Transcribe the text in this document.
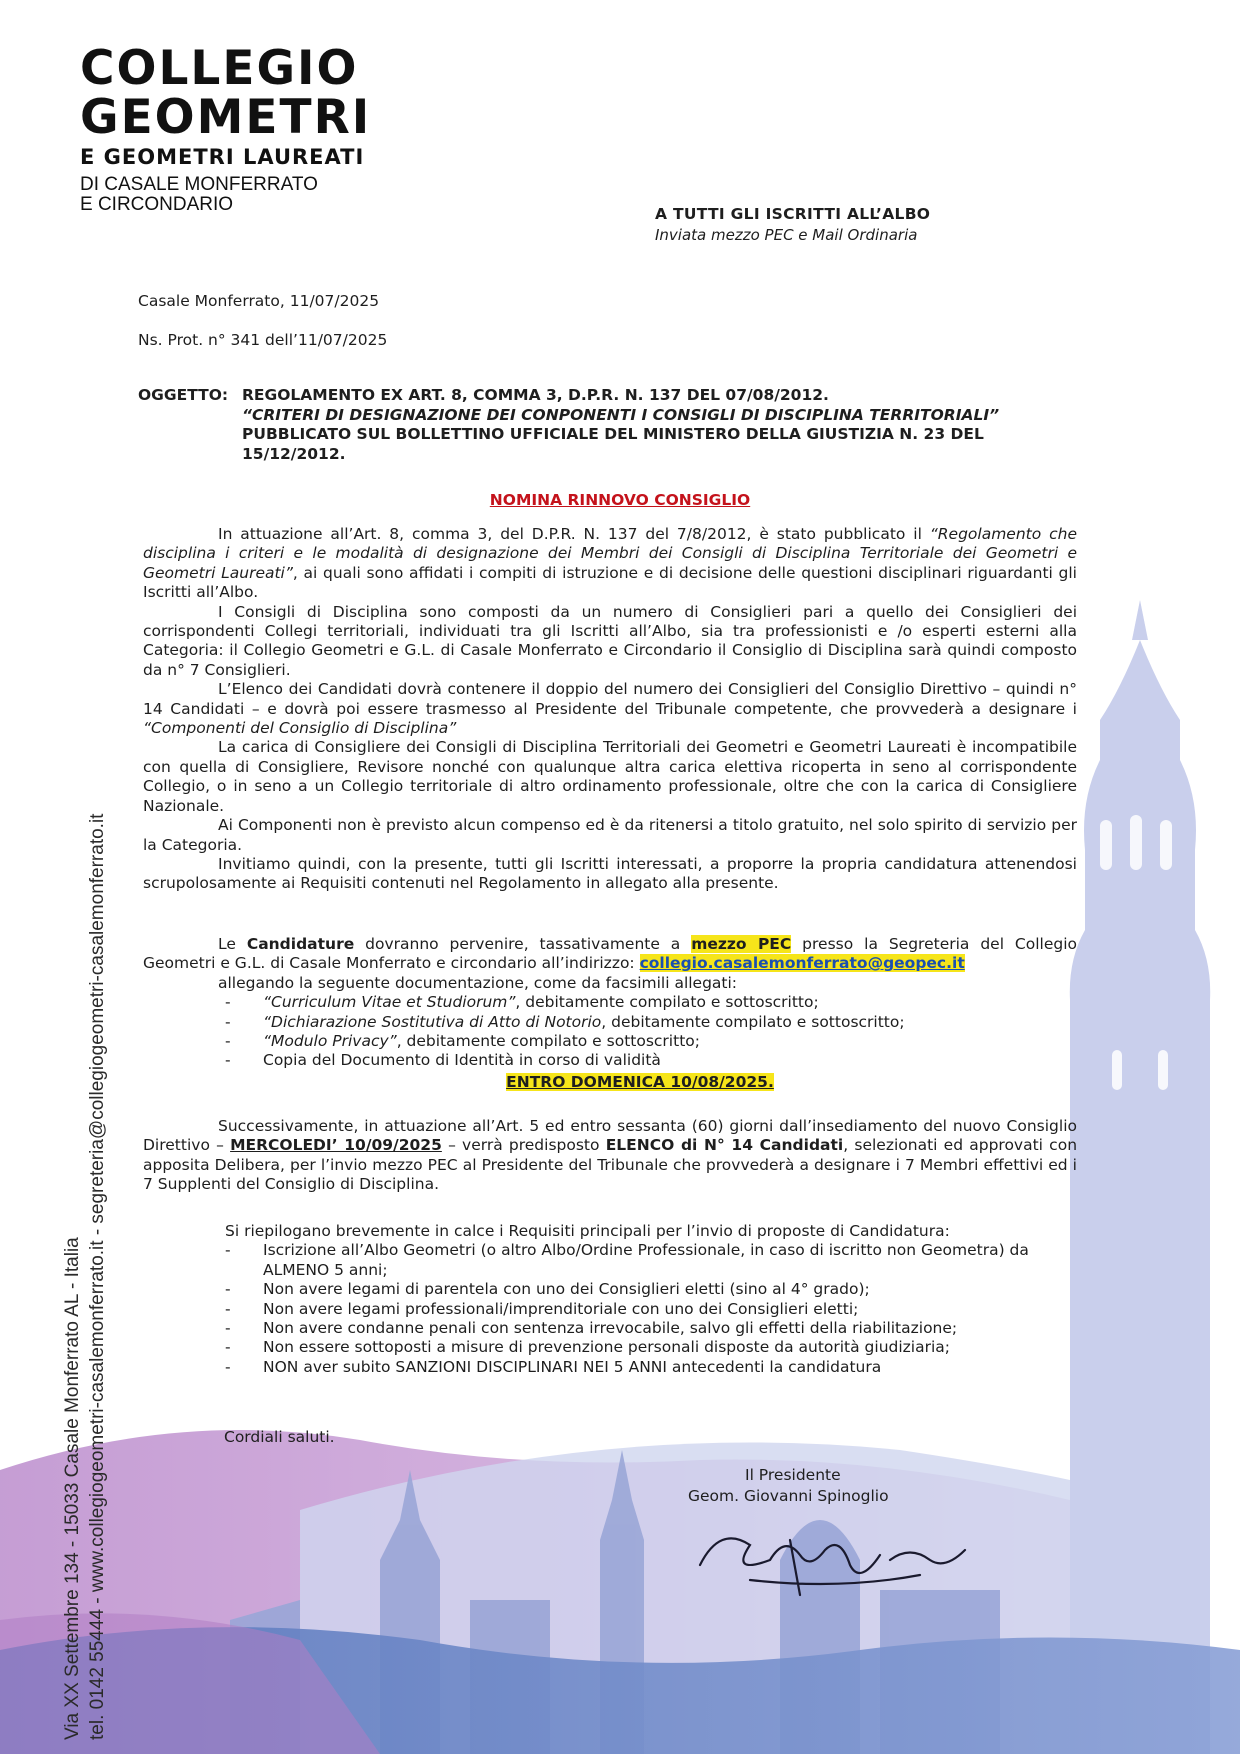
COLLEGIO
GEOMETRI
E GEOMETRI LAUREATI
DI CASALE MONFERRATO
E CIRCONDARIO	A TUTTI GLI ISCRITTI ALL’ALBO
Inviata mezzo PEC e Mail Ordinaria
Casale Monferrato, 11/07/2025
Ns. Prot. n° 341 dell’11/07/2025
OGGETTO: REGOLAMENTO EX ART. 8, COMMA 3, D.P.R. N. 137 DEL 07/08/2012.
“CRITERI DI DESIGNAZIONE DEI CONPONENTI I CONSIGLI DI DISCIPLINA TERRITORIALI” PUBBLICATO SUL BOLLETTINO UFFICIALE DEL MINISTERO DELLA GIUSTIZIA N. 23 DEL 15/12/2012.
NOMINA RINNOVO CONSIGLIO

In attuazione all’Art. 8, comma 3, del D.P.R. N. 137 del 7/8/2012, è stato pubblicato il “Regolamento che disciplina i criteri e le modalità di designazione dei Membri dei Consigli di Disciplina Territoriale dei Geometri e Geometri Laureati”, ai quali sono affidati i compiti di istruzione e di decisione delle questioni disciplinari riguardanti gli Iscritti all’Albo.

I Consigli di Disciplina sono composti da un numero di Consiglieri pari a quello dei Consiglieri dei corrispondenti Collegi territoriali, individuati tra gli Iscritti all’Albo, sia tra professionisti e /o esperti esterni alla Categoria: il Collegio Geometri e G.L. di Casale Monferrato e Circondario il Consiglio di Disciplina sarà quindi composto da n° 7 Consiglieri.

L’Elenco dei Candidati dovrà contenere il doppio del numero dei Consiglieri del Consiglio Direttivo – quindi n° 14 Candidati – e dovrà poi essere trasmesso al Presidente del Tribunale competente, che provvederà a designare i “Componenti del Consiglio di Disciplina”

La carica di Consigliere dei Consigli di Disciplina Territoriali dei Geometri e Geometri Laureati è incompatibile con quella di Consigliere, Revisore nonché con qualunque altra carica elettiva ricoperta in seno al corrispondente Collegio, o in seno a un Collegio territoriale di altro ordinamento professionale, oltre che con la carica di Consigliere Nazionale.

Ai Componenti non è previsto alcun compenso ed è da ritenersi a titolo gratuito, nel solo spirito di servizio per la Categoria.

Invitiamo quindi, con la presente, tutti gli Iscritti interessati, a proporre la propria candidatura attenendosi scrupolosamente ai Requisiti contenuti nel Regolamento in allegato alla presente.

Le Candidature dovranno pervenire, tassativamente a mezzo PEC presso la Segreteria del Collegio Geometri e G.L. di Casale Monferrato e circondario all’indirizzo: collegio.casalemonferrato@geopec.it

allegando la seguente documentazione, come da facsimili allegati:
- “Curriculum Vitae et Studiorum”, debitamente compilato e sottoscritto;
- “Dichiarazione Sostitutiva di Atto di Notorio, debitamente compilato e sottoscritto;
- “Modulo Privacy”, debitamente compilato e sottoscritto;
- Copia del Documento di Identità in corso di validità
ENTRO DOMENICA 10/08/2025.

Successivamente, in attuazione all’Art. 5 ed entro sessanta (60) giorni dall’insediamento del nuovo Consiglio Direttivo – MERCOLEDI’ 10/09/2025 – verrà predisposto ELENCO di N° 14 Candidati, selezionati ed approvati con apposita Delibera, per l’invio mezzo PEC al Presidente del Tribunale che provvederà a designare i 7 Membri effettivi ed i 7 Supplenti del Consiglio di Disciplina.

Si riepilogano brevemente in calce i Requisiti principali per l’invio di proposte di Candidatura:
- Iscrizione all’Albo Geometri (o altro Albo/Ordine Professionale, in caso di iscritto non Geometra) da ALMENO 5 anni;
- Non avere legami di parentela con uno dei Consiglieri eletti (sino al 4° grado);
- Non avere legami professionali/imprenditoriale con uno dei Consiglieri eletti;
- Non avere condanne penali con sentenza irrevocabile, salvo gli effetti della riabilitazione;
- Non essere sottoposti a misure di prevenzione personali disposte da autorità giudiziaria;
- NON aver subito SANZIONI DISCIPLINARI NEI 5 ANNI antecedenti la candidatura
Cordiali saluti.
Il Presidente
Geom. Giovanni Spinoglio
Via XX Settembre 134 - 15033 Casale Monferrato AL - Italia tel. 0142 55444 - www.collegiogeometri-casalemonferrato.it - segreteria@collegiogeometri-casalemonferrato.it
